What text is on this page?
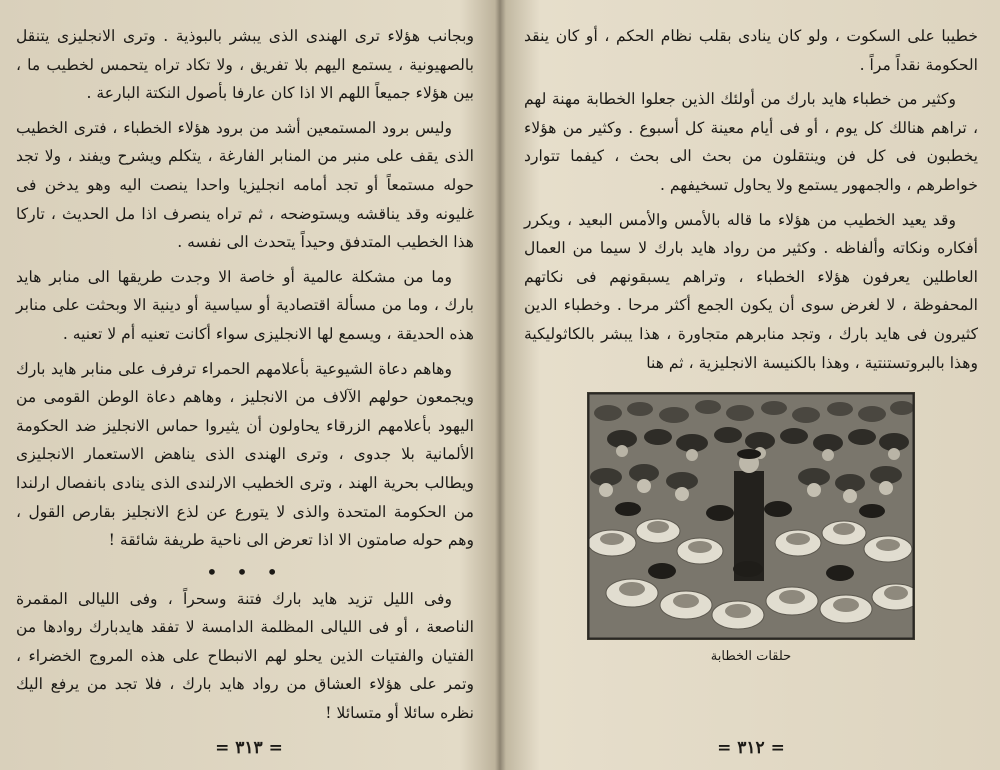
خطيبا على السكوت ، ولو كان ينادى بقلب نظام الحكم ، أو كان ينقد الحكومة نقداً مراً .

وكثير من خطباء هايد بارك من أولئك الذين جعلوا الخطابة مهنة لهم ، تراهم هنالك كل يوم ، أو فى أيام معينة كل أسبوع . وكثير من هؤلاء يخطبون فى كل فن وينتقلون من بحث الى بحث ، كيفما تتوارد خواطرهم ، والجمهور يستمع ولا يحاول تسخيفهم .

وقد يعيد الخطيب من هؤلاء ما قاله بالأمس والأمس البعيد ، ويكرر أفكاره ونكاته وألفاظه . وكثير من رواد هايد بارك لا سيما من العمال العاطلين يعرفون هؤلاء الخطباء ، وتراهم يسبقونهم فى نكاتهم المحفوظة ، لا لغرض سوى أن يكون الجمع أكثر مرحا . وخطباء الدين كثيرون فى هايد بارك ، وتجد منابرهم متجاورة ، هذا يبشر بالكاثوليكية وهذا بالبروتستنتية ، وهذا بالكنيسة الانجليزية ، ثم هنا

حلقات الخطابة
= ٣١٢ =

وبجانب هؤلاء ترى الهندى الذى يبشر بالبوذية . وترى الانجليزى يتنقل بالصهيونية ، يستمع اليهم بلا تفريق ، ولا تكاد تراه يتحمس لخطيب ما ، بين هؤلاء جميعاً اللهم الا اذا كان عارفا بأصول النكتة البارعة .

وليس برود المستمعين أشد من برود هؤلاء الخطباء ، فترى الخطيب الذى يقف على منبر من المنابر الفارغة ، يتكلم ويشرح ويفند ، ولا تجد حوله مستمعاً أو تجد أمامه انجليزيا واحدا ينصت اليه وهو يدخن فى غليونه وقد يناقشه ويستوضحه ، ثم تراه ينصرف اذا مل الحديث ، تاركا هذا الخطيب المتدفق وحيداً يتحدث الى نفسه .

وما من مشكلة عالمية أو خاصة الا وجدت طريقها الى منابر هايد بارك ، وما من مسألة اقتصادية أو سياسية أو دينية الا وبحثت على منابر هذه الحديقة ، ويسمع لها الانجليزى سواء أكانت تعنيه أم لا تعنيه .

وهاهم دعاة الشيوعية بأعلامهم الحمراء ترفرف على منابر هايد بارك ويجمعون حولهم الآلاف من الانجليز ، وهاهم دعاة الوطن القومى من اليهود بأعلامهم الزرقاء يحاولون أن يثيروا حماس الانجليز ضد الحكومة الألمانية بلا جدوى ، وترى الهندى الذى يناهض الاستعمار الانجليزى ويطالب بحرية الهند ، وترى الخطيب الارلندى الذى ينادى بانفصال ارلندا من الحكومة المتحدة والذى لا يتورع عن لذع الانجليز بقارص القول ، وهم حوله صامتون الا اذا تعرض الى ناحية طريفة شائقة !

• • •

وفى الليل تزيد هايد بارك فتنة وسحراً ، وفى الليالى المقمرة الناصعة ، أو فى الليالى المظلمة الدامسة لا تفقد هايدبارك روادها من الفتيان والفتيات الذين يحلو لهم الانبطاح على هذه المروج الخضراء ، وتمر على هؤلاء العشاق من رواد هايد بارك ، فلا تجد من يرفع اليك نظره سائلا أو متسائلا !

= ٣١٣ =
